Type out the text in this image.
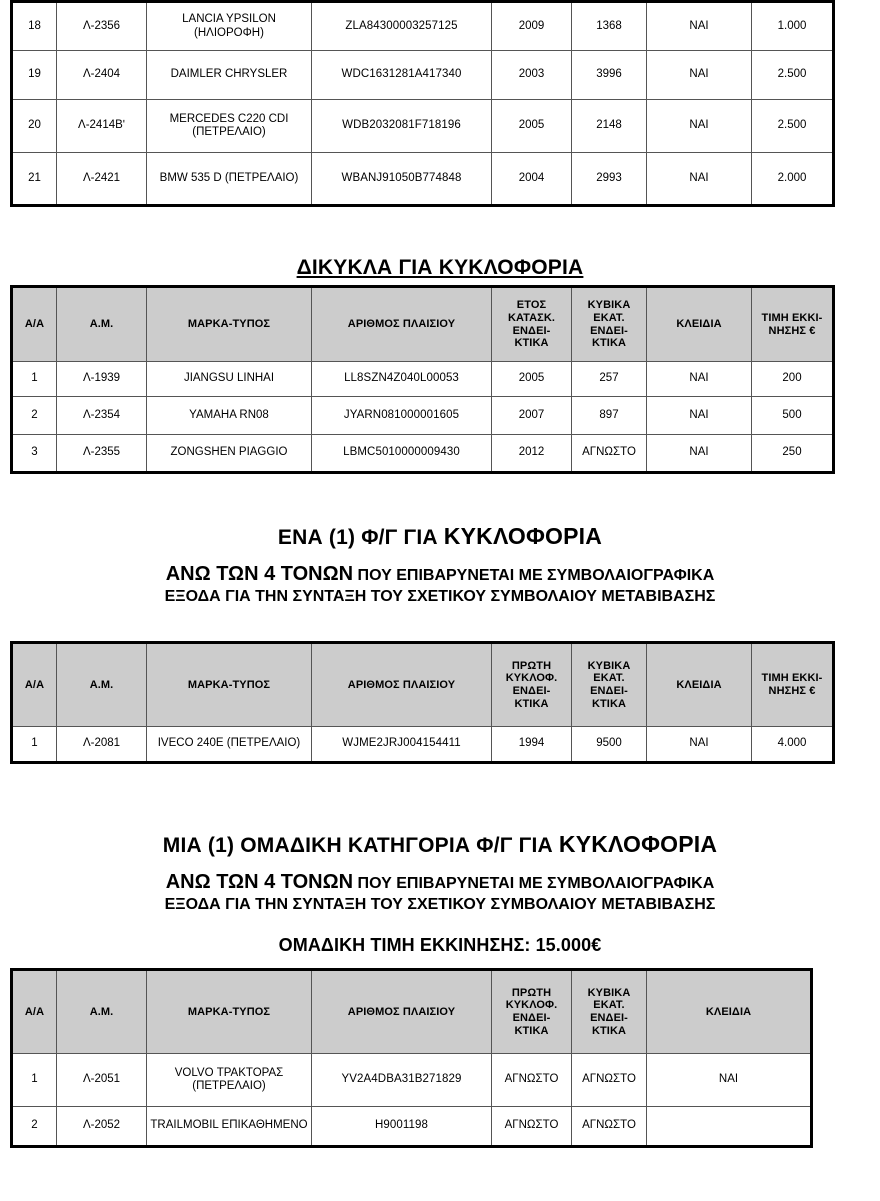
18	Λ-2356	LANCIA YPSILON (ΗΛΙΟΡΟΦΗ)	ZLA84300003257125	2009	1368	ΝΑΙ	1.000
19	Λ-2404	DAIMLER CHRYSLER	WDC1631281A417340	2003	3996	ΝΑΙ	2.500
20	Λ-2414Βʹ	MERCEDES C220 CDI (ΠΕΤΡΕΛΑΙΟ)	WDB2032081F718196	2005	2148	ΝΑΙ	2.500
21	Λ-2421	BMW 535 D (ΠΕΤΡΕΛΑΙΟ)	WBANJ91050B774848	2004	2993	ΝΑΙ	2.000
ΔΙΚΥΚΛΑ ΓΙΑ ΚΥΚΛΟΦΟΡΙΑ
Α/Α	Α.Μ.	ΜΑΡΚΑ-ΤΥΠΟΣ	ΑΡΙΘΜΟΣ ΠΛΑΙΣΙΟΥ	ΕΤΟΣ ΚΑΤΑΣΚ. ΕΝΔΕΙ- ΚΤΙΚΑ	ΚΥΒΙΚΑ ΕΚΑΤ. ΕΝΔΕΙ- ΚΤΙΚΑ	ΚΛΕΙΔΙΑ	ΤΙΜΗ ΕΚΚΙ- ΝΗΣΗΣ €
1	Λ-1939	JIANGSU LINHAI	LL8SZN4Z040L00053	2005	257	ΝΑΙ	200
2	Λ-2354	YAMAHA RN08	JYARN081000001605	2007	897	ΝΑΙ	500
3	Λ-2355	ZONGSHEN PIAGGIO	LBMC5010000009430	2012	ΑΓΝΩΣΤΟ	ΝΑΙ	250
ΕΝΑ (1) Φ/Γ ΓΙΑ ΚΥΚΛΟΦΟΡΙΑ
ΑΝΩ ΤΩΝ 4 ΤΟΝΩΝ ΠΟΥ ΕΠΙΒΑΡΥΝΕΤΑΙ ΜΕ ΣΥΜΒΟΛΑΙΟΓΡΑΦΙΚΑ
ΕΞΟΔΑ ΓΙΑ ΤΗΝ ΣΥΝΤΑΞΗ ΤΟΥ ΣΧΕΤΙΚΟΥ ΣΥΜΒΟΛΑΙΟΥ ΜΕΤΑΒΙΒΑΣΗΣ
Α/Α	Α.Μ.	ΜΑΡΚΑ-ΤΥΠΟΣ	ΑΡΙΘΜΟΣ ΠΛΑΙΣΙΟΥ	ΠΡΩΤΗ ΚΥΚΛΟΦ. ΕΝΔΕΙ- ΚΤΙΚΑ	ΚΥΒΙΚΑ ΕΚΑΤ. ΕΝΔΕΙ- ΚΤΙΚΑ	ΚΛΕΙΔΙΑ	ΤΙΜΗ ΕΚΚΙ- ΝΗΣΗΣ €
1	Λ-2081	IVECO 240E (ΠΕΤΡΕΛΑΙΟ)	WJME2JRJ004154411	1994	9500	ΝΑΙ	4.000
ΜΙΑ (1) ΟΜΑΔΙΚΗ ΚΑΤΗΓΟΡΙΑ Φ/Γ ΓΙΑ ΚΥΚΛΟΦΟΡΙΑ
ΑΝΩ ΤΩΝ 4 ΤΟΝΩΝ ΠΟΥ ΕΠΙΒΑΡΥΝΕΤΑΙ ΜΕ ΣΥΜΒΟΛΑΙΟΓΡΑΦΙΚΑ
ΕΞΟΔΑ ΓΙΑ ΤΗΝ ΣΥΝΤΑΞΗ ΤΟΥ ΣΧΕΤΙΚΟΥ ΣΥΜΒΟΛΑΙΟΥ ΜΕΤΑΒΙΒΑΣΗΣ
ΟΜΑΔΙΚΗ ΤΙΜΗ ΕΚΚΙΝΗΣΗΣ: 15.000€
Α/Α	Α.Μ.	ΜΑΡΚΑ-ΤΥΠΟΣ	ΑΡΙΘΜΟΣ ΠΛΑΙΣΙΟΥ	ΠΡΩΤΗ ΚΥΚΛΟΦ. ΕΝΔΕΙ- ΚΤΙΚΑ	ΚΥΒΙΚΑ ΕΚΑΤ. ΕΝΔΕΙ- ΚΤΙΚΑ	ΚΛΕΙΔΙΑ
1	Λ-2051	VOLVO ΤΡΑΚΤΟΡΑΣ (ΠΕΤΡΕΛΑΙΟ)	YV2A4DBA31B271829	ΑΓΝΩΣΤΟ	ΑΓΝΩΣΤΟ	ΝΑΙ
2	Λ-2052	TRAILMOBIL ΕΠΙΚΑΘΗΜΕΝΟ	H9001198	ΑΓΝΩΣΤΟ	ΑΓΝΩΣΤΟ	
